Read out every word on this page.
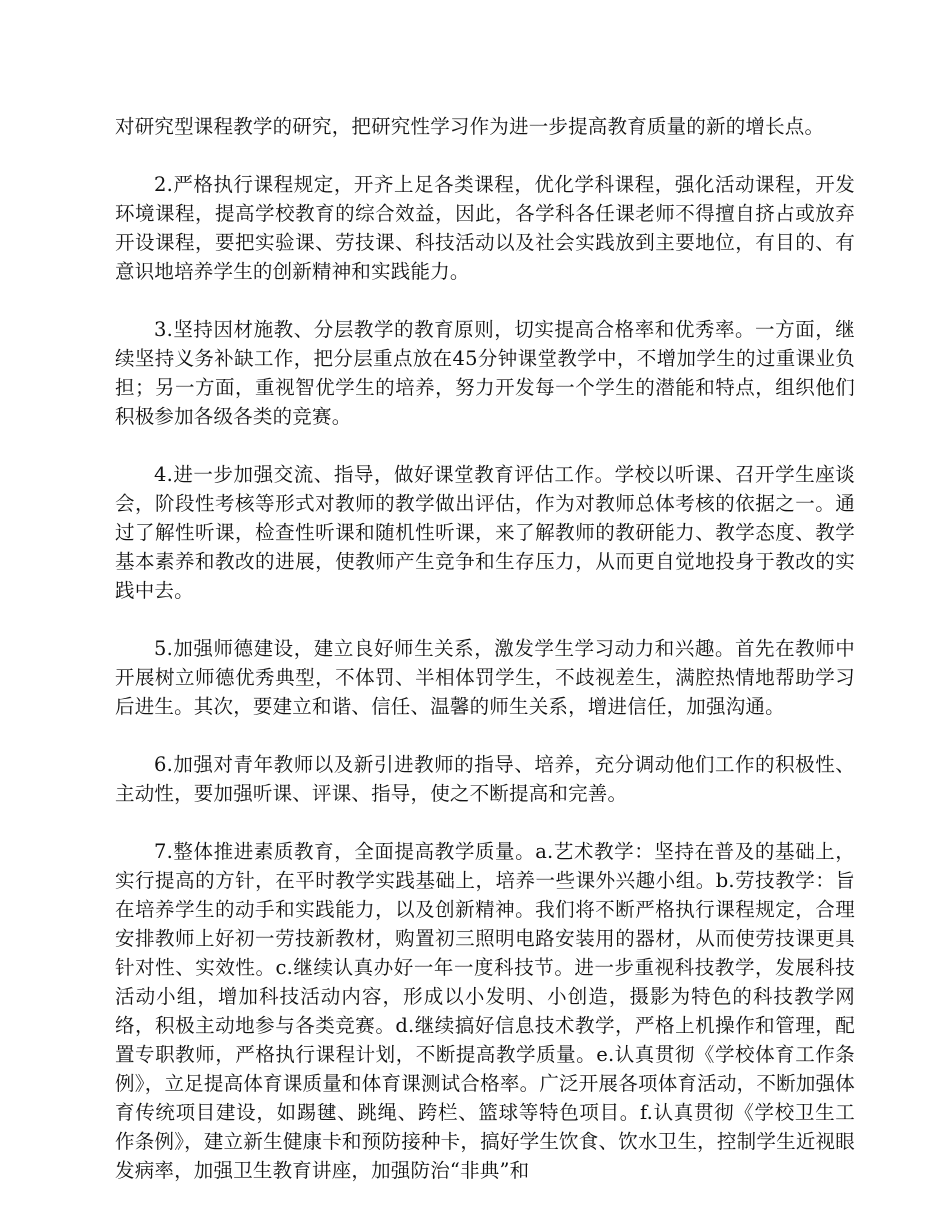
对研究型课程教学的研究，把研究性学习作为进一步提高教育质量的新的增长点。

2.严格执行课程规定，开齐上足各类课程，优化学科课程，强化活动课程，开发环境课程，提高学校教育的综合效益，因此，各学科各任课老师不得擅自挤占或放弃开设课程，要把实验课、劳技课、科技活动以及社会实践放到主要地位，有目的、有意识地培养学生的创新精神和实践能力。

3.坚持因材施教、分层教学的教育原则，切实提高合格率和优秀率。一方面，继续坚持义务补缺工作，把分层重点放在45分钟课堂教学中，不增加学生的过重课业负担；另一方面，重视智优学生的培养，努力开发每一个学生的潜能和特点，组织他们积极参加各级各类的竞赛。

4.进一步加强交流、指导，做好课堂教育评估工作。学校以听课、召开学生座谈会，阶段性考核等形式对教师的教学做出评估，作为对教师总体考核的依据之一。通过了解性听课，检查性听课和随机性听课，来了解教师的教研能力、教学态度、教学基本素养和教改的进展，使教师产生竞争和生存压力，从而更自觉地投身于教改的实践中去。

5.加强师德建设，建立良好师生关系，激发学生学习动力和兴趣。首先在教师中开展树立师德优秀典型，不体罚、半相体罚学生，不歧视差生，满腔热情地帮助学习后进生。其次，要建立和谐、信任、温馨的师生关系，增进信任，加强沟通。

6.加强对青年教师以及新引进教师的指导、培养，充分调动他们工作的积极性、主动性，要加强听课、评课、指导，使之不断提高和完善。

7.整体推进素质教育，全面提高教学质量。a.艺术教学：坚持在普及的基础上，实行提高的方针，在平时教学实践基础上，培养一些课外兴趣小组。b.劳技教学：旨在培养学生的动手和实践能力，以及创新精神。我们将不断严格执行课程规定，合理安排教师上好初一劳技新教材，购置初三照明电路安装用的器材，从而使劳技课更具针对性、实效性。c.继续认真办好一年一度科技节。进一步重视科技教学，发展科技活动小组，增加科技活动内容，形成以小发明、小创造，摄影为特色的科技教学网络，积极主动地参与各类竞赛。d.继续搞好信息技术教学，严格上机操作和管理，配置专职教师，严格执行课程计划，不断提高教学质量。e.认真贯彻《学校体育工作条例》，立足提高体育课质量和体育课测试合格率。广泛开展各项体育活动，不断加强体育传统项目建设，如踢毽、跳绳、跨栏、篮球等特色项目。f.认真贯彻《学校卫生工作条例》，建立新生健康卡和预防接种卡，搞好学生饮食、饮水卫生，控制学生近视眼发病率，加强卫生教育讲座，加强防治“非典”和
